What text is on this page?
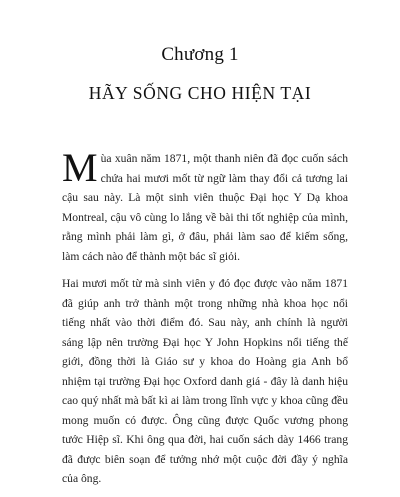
Chương 1
HÃY SỐNG CHO HIỆN TẠI

Mùa xuân năm 1871, một thanh niên đã đọc cuốn sách chứa hai mươi mốt từ ngữ làm thay đổi cả tương lai cậu sau này. Là một sinh viên thuộc Đại học Y Dạ khoa Montreal, cậu vô cùng lo lắng về bài thi tốt nghiệp của mình, rằng mình phải làm gì, ở đâu, phải làm sao để kiếm sống, làm cách nào để thành một bác sĩ giỏi.

Hai mươi mốt từ mà sinh viên y đó đọc được vào năm 1871 đã giúp anh trở thành một trong những nhà khoa học nổi tiếng nhất vào thời điểm đó. Sau này, anh chính là người sáng lập nên trường Đại học Y John Hopkins nổi tiếng thế giới, đồng thời là Giáo sư y khoa do Hoàng gia Anh bổ nhiệm tại trường Đại học Oxford danh giá - đây là danh hiệu cao quý nhất mà bất kì ai làm trong lĩnh vực y khoa cũng đều mong muốn có được. Ông cũng được Quốc vương phong tước Hiệp sĩ. Khi ông qua đời, hai cuốn sách dày 1466 trang đã được biên soạn để tưởng nhớ một cuộc đời đầy ý nghĩa của ông.
